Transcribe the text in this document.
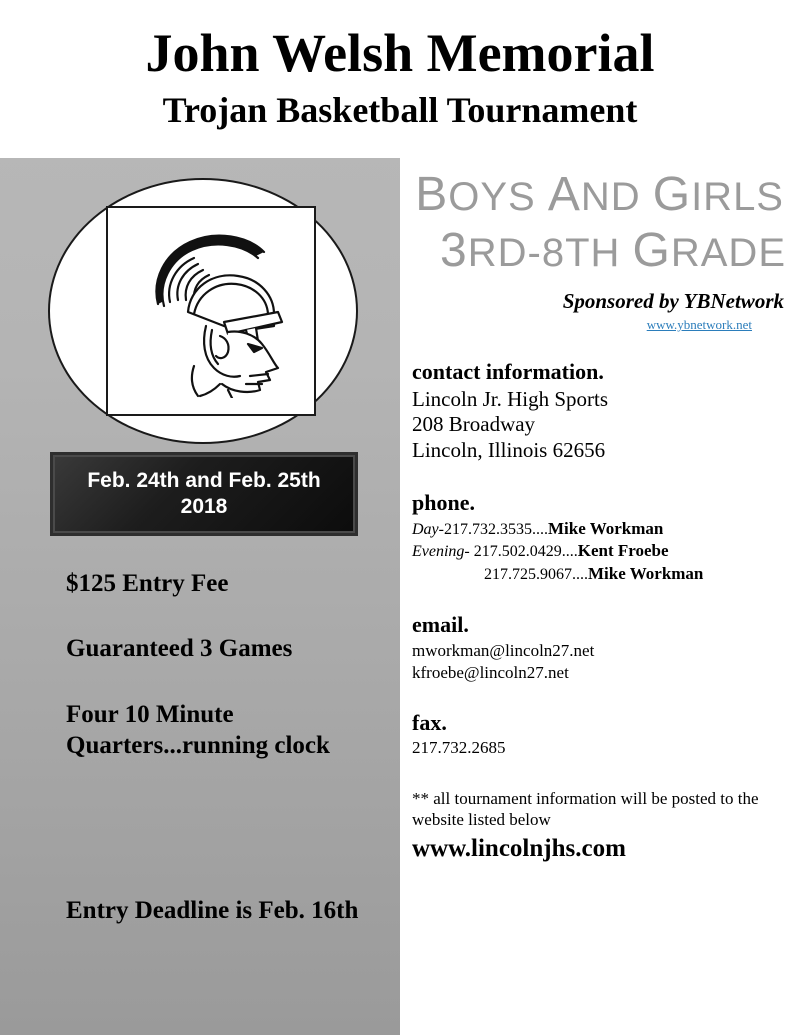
John Welsh Memorial
Trojan Basketball Tournament
Feb. 24th and Feb. 25th
2018

$125 Entry Fee

Guaranteed 3 Games

Four 10 Minute Quarters...running clock

Entry Deadline is Feb. 16th

BOYS AND GIRLS

3RD-8TH GRADE

Sponsored by YBNetwork

www.ybnetwork.net

contact information.

Lincoln Jr. High Sports

208 Broadway

Lincoln, Illinois 62656

phone.

Day-217.732.3535....Mike Workman

Evening- 217.502.0429....Kent Froebe

217.725.9067....Mike Workman

email.

mworkman@lincoln27.net

kfroebe@lincoln27.net

fax.

217.732.2685

** all tournament information will be posted to the website listed below

www.lincolnjhs.com
